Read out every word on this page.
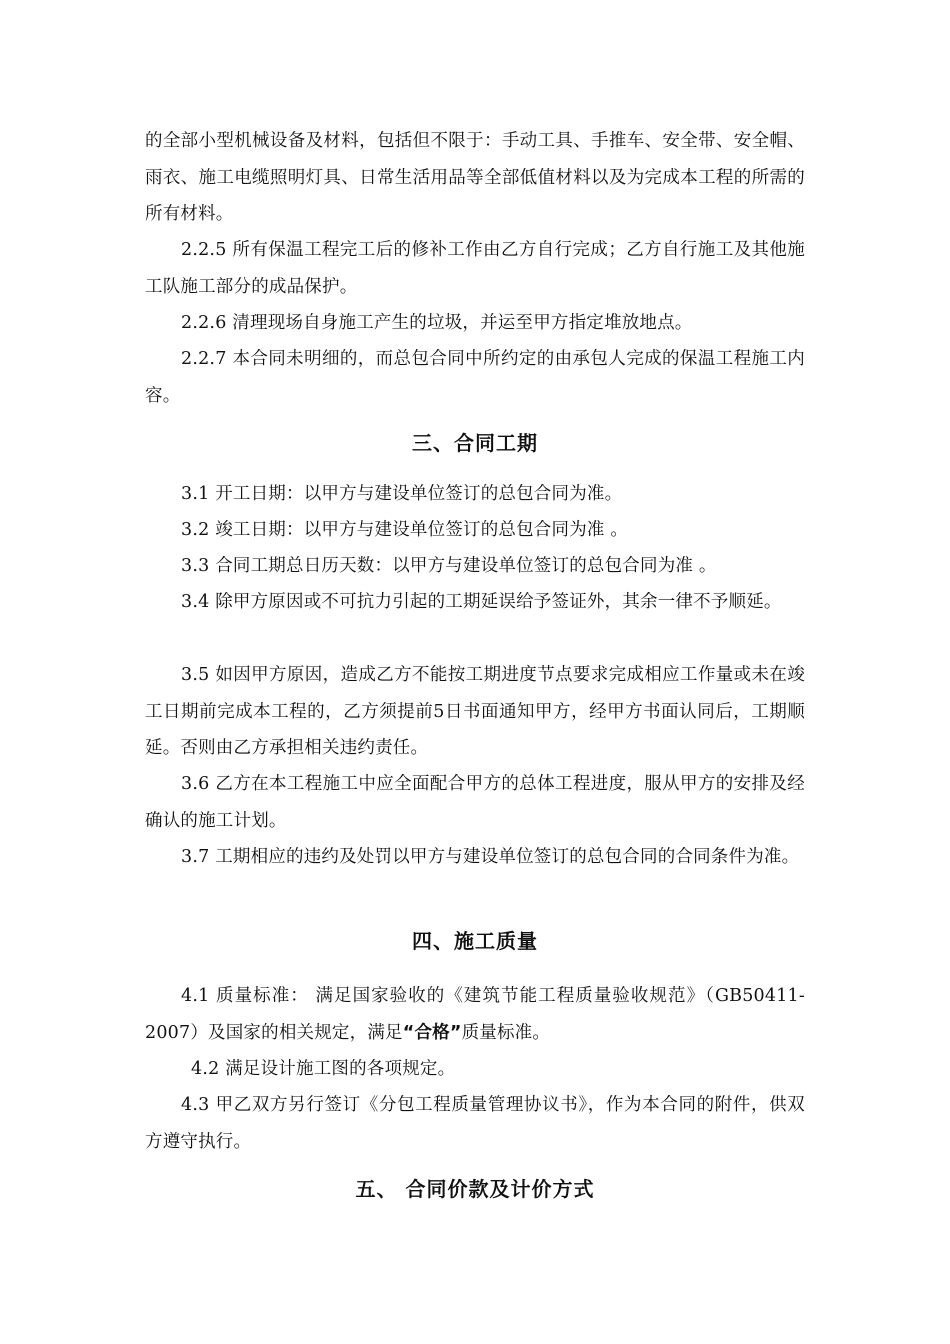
的全部小型机械设备及材料，包括但不限于：手动工具、手推车、安全带、安全帽、雨衣、施工电缆照明灯具、日常生活用品等全部低值材料以及为完成本工程的所需的所有材料。

2.2.5 所有保温工程完工后的修补工作由乙方自行完成；乙方自行施工及其他施工队施工部分的成品保护。

2.2.6 清理现场自身施工产生的垃圾，并运至甲方指定堆放地点。

2.2.7 本合同未明细的，而总包合同中所约定的由承包人完成的保温工程施工内容。

三、合同工期

3.1 开工日期：以甲方与建设单位签订的总包合同为准。

3.2 竣工日期：以甲方与建设单位签订的总包合同为准 。

3.3 合同工期总日历天数：以甲方与建设单位签订的总包合同为准 。

3.4 除甲方原因或不可抗力引起的工期延误给予签证外，其余一律不予顺延。

3.5 如因甲方原因，造成乙方不能按工期进度节点要求完成相应工作量或未在竣工日期前完成本工程的，乙方须提前5日书面通知甲方，经甲方书面认同后，工期顺延。否则由乙方承担相关违约责任。

3.6 乙方在本工程施工中应全面配合甲方的总体工程进度，服从甲方的安排及经确认的施工计划。

3.7 工期相应的违约及处罚以甲方与建设单位签订的总包合同的合同条件为准。

四、施工质量

4.1 质量标准： 满足国家验收的《建筑节能工程质量验收规范》（GB50411-2007）及国家的相关规定，满足“合格”质量标准。

4.2 满足设计施工图的各项规定。

4.3 甲乙双方另行签订《分包工程质量管理协议书》，作为本合同的附件，供双方遵守执行。

五、 合同价款及计价方式
